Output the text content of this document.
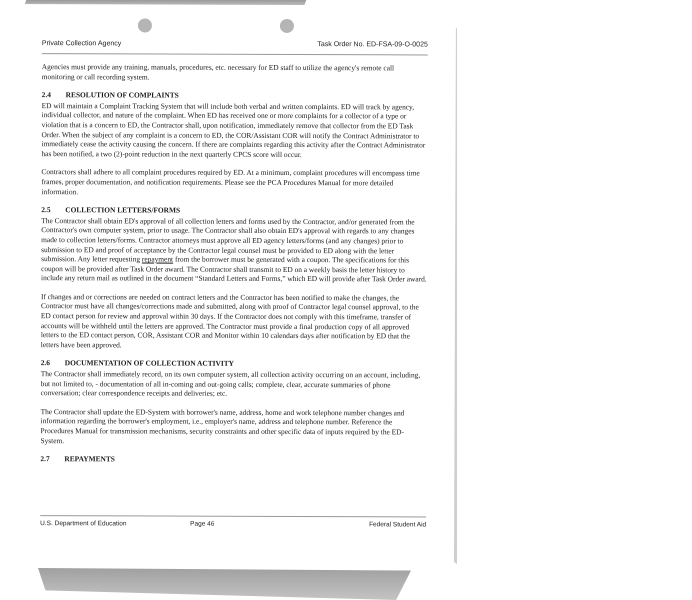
Private Collection Agency	Task Order No. ED-FSA-09-O-0025

Agencies must provide any training, manuals, procedures, etc. necessary for ED staff to utilize the agency's remote call monitoring or call recording system.

2.4	RESOLUTION OF COMPLAINTS

ED will maintain a Complaint Tracking System that will include both verbal and written complaints. ED will track by agency, individual collector, and nature of the complaint. When ED has received one or more complaints for a collector of a type or violation that is a concern to ED, the Contractor shall, upon notification, immediately remove that collector from the ED Task Order. When the subject of any complaint is a concern to ED, the COR/Assistant COR will notify the Contract Administrator to immediately cease the activity causing the concern. If there are complaints regarding this activity after the Contract Administrator has been notified, a two (2)-point reduction in the next quarterly CPCS score will occur.

Contractors shall adhere to all complaint procedures required by ED. At a minimum, complaint procedures will encompass time frames, proper documentation, and notification requirements. Please see the PCA Procedures Manual for more detailed information.

2.5	COLLECTION LETTERS/FORMS

The Contractor shall obtain ED's approval of all collection letters and forms used by the Contractor, and/or generated from the Contractor's own computer system, prior to usage. The Contractor shall also obtain ED's approval with regards to any changes made to collection letters/forms. Contractor attorneys must approve all ED agency letters/forms (and any changes) prior to submission to ED and proof of acceptance by the Contractor legal counsel must be provided to ED along with the letter submission. Any letter requesting repayment from the borrower must be generated with a coupon. The specifications for this coupon will be provided after Task Order award. The Contractor shall transmit to ED on a weekly basis the letter history to include any return mail as outlined in the document “Standard Letters and Forms,” which ED will provide after Task Order award.

If changes and or corrections are needed on contract letters and the Contractor has been notified to make the changes, the Contractor must have all changes/corrections made and submitted, along with proof of Contractor legal counsel approval, to the ED contact person for review and approval within 30 days. If the Contractor does not comply with this timeframe, transfer of accounts will be withheld until the letters are approved. The Contractor must provide a final production copy of all approved letters to the ED contact person, COR, Assistant COR and Monitor within 10 calendars days after notification by ED that the letters have been approved.

2.6	DOCUMENTATION OF COLLECTION ACTIVITY

The Contractor shall immediately record, on its own computer system, all collection activity occurring on an account, including, but not limited to, - documentation of all in-coming and out-going calls; complete, clear, accurate summaries of phone conversation; clear correspondence receipts and deliveries; etc.

The Contractor shall update the ED-System with borrower's name, address, home and work telephone number changes and information regarding the borrower's employment, i.e., employer's name, address and telephone number. Reference the Procedures Manual for transmission mechanisms, security constraints and other specific data of inputs required by the ED-System.

2.7	REPAYMENTS
U.S. Department of Education	Page 46	Federal Student Aid
